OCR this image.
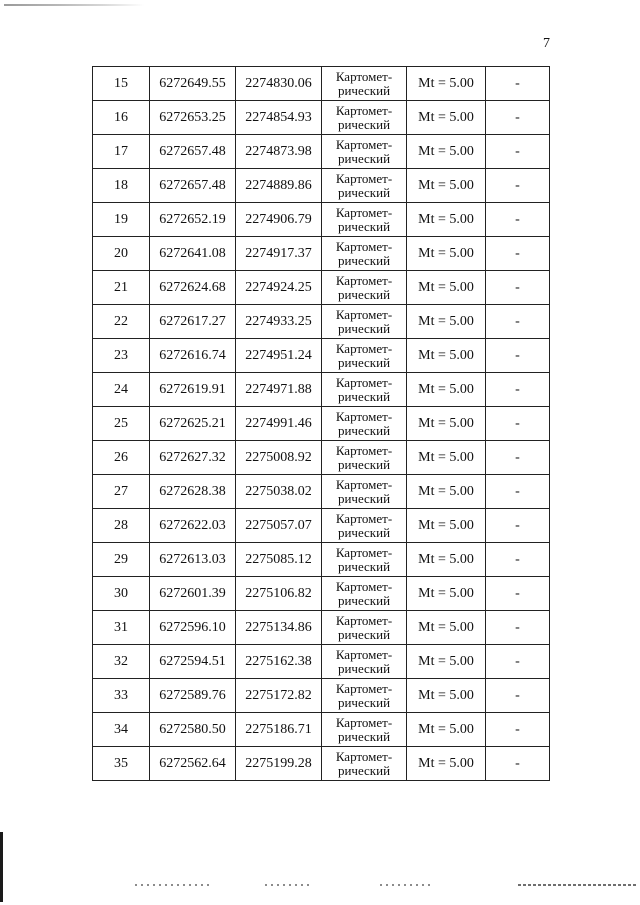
7
15	6272649.55	2274830.06	Картомет-
рический	Mt = 5.00	-
16	6272653.25	2274854.93	Картомет-
рический	Mt = 5.00	-
17	6272657.48	2274873.98	Картомет-
рический	Mt = 5.00	-
18	6272657.48	2274889.86	Картомет-
рический	Mt = 5.00	-
19	6272652.19	2274906.79	Картомет-
рический	Mt = 5.00	-
20	6272641.08	2274917.37	Картомет-
рический	Mt = 5.00	-
21	6272624.68	2274924.25	Картомет-
рический	Mt = 5.00	-
22	6272617.27	2274933.25	Картомет-
рический	Mt = 5.00	-
23	6272616.74	2274951.24	Картомет-
рический	Mt = 5.00	-
24	6272619.91	2274971.88	Картомет-
рический	Mt = 5.00	-
25	6272625.21	2274991.46	Картомет-
рический	Mt = 5.00	-
26	6272627.32	2275008.92	Картомет-
рический	Mt = 5.00	-
27	6272628.38	2275038.02	Картомет-
рический	Mt = 5.00	-
28	6272622.03	2275057.07	Картомет-
рический	Mt = 5.00	-
29	6272613.03	2275085.12	Картомет-
рический	Mt = 5.00	-
30	6272601.39	2275106.82	Картомет-
рический	Mt = 5.00	-
31	6272596.10	2275134.86	Картомет-
рический	Mt = 5.00	-
32	6272594.51	2275162.38	Картомет-
рический	Mt = 5.00	-
33	6272589.76	2275172.82	Картомет-
рический	Mt = 5.00	-
34	6272580.50	2275186.71	Картомет-
рический	Mt = 5.00	-
35	6272562.64	2275199.28	Картомет-
рический	Mt = 5.00	-
